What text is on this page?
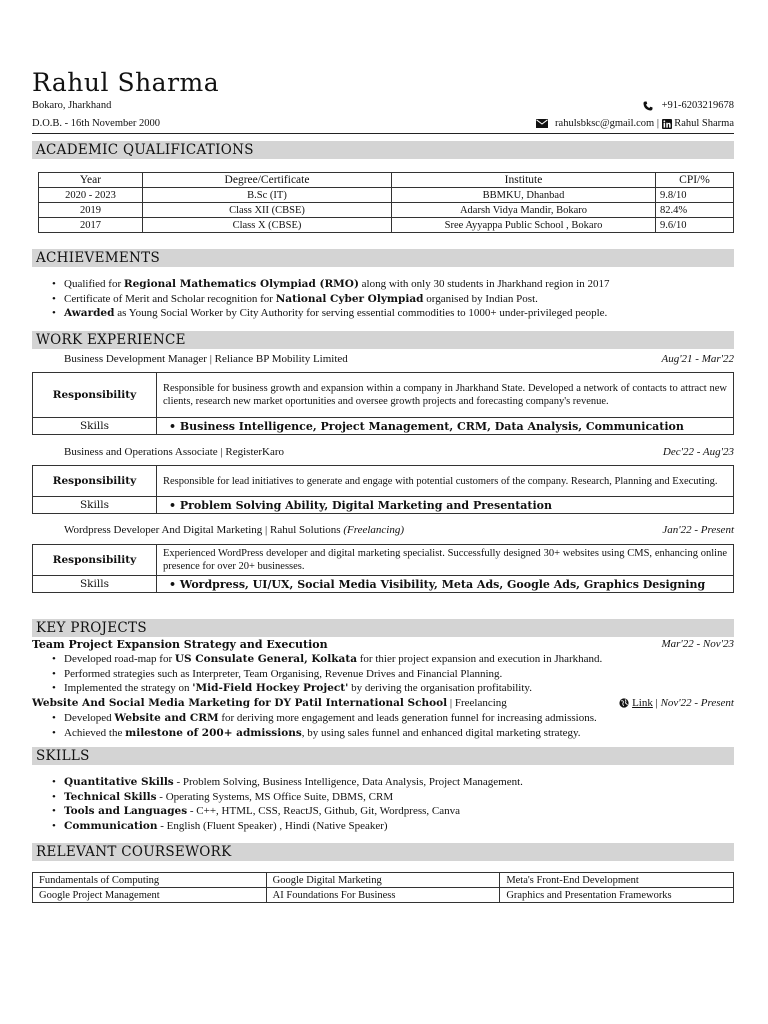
Rahul Sharma
Bokaro, Jharkhand
D.O.B. - 16th November 2000
+91-6203219678
rahulsbksc@gmail.com | Rahul Sharma
ACADEMIC QUALIFICATIONS
Year	Degree/Certificate	Institute	CPI/%
2020 - 2023	B.Sc (IT)	BBMKU, Dhanbad	9.8/10
2019	Class XII (CBSE)	Adarsh Vidya Mandir, Bokaro	82.4%
2017	Class X (CBSE)	Sree Ayyappa Public School , Bokaro	9.6/10
ACHIEVEMENTS
• Qualified for Regional Mathematics Olympiad (RMO) along with only 30 students in Jharkhand region in 2017
• Certificate of Merit and Scholar recognition for National Cyber Olympiad organised by Indian Post.
• Awarded as Young Social Worker by City Authority for serving essential commodities to 1000+ under-privileged people.
WORK EXPERIENCE
Business Development Manager | Reliance BP Mobility Limited	Aug'21 - Mar'22
Responsibility	Responsible for business growth and expansion within a company in Jharkhand State. Developed a network of contacts to attract new clients, research new market oportunities and oversee growth projects and forecasting company's revenue.
Skills	• Business Intelligence, Project Management, CRM, Data Analysis, Communication
Business and Operations Associate | RegisterKaro	Dec'22 - Aug'23
Responsibility	Responsible for lead initiatives to generate and engage with potential customers of the company. Research, Planning and Executing.
Skills	• Problem Solving Ability, Digital Marketing and Presentation
Wordpress Developer And Digital Marketing | Rahul Solutions (Freelancing)	Jan'22 - Present
Responsibility	Experienced WordPress developer and digital marketing specialist. Successfully designed 30+ websites using CMS, enhancing online presence for over 20+ businesses.
Skills	• Wordpress, UI/UX, Social Media Visibility, Meta Ads, Google Ads, Graphics Designing
KEY PROJECTS
Team Project Expansion Strategy and Execution	Mar'22 - Nov'23
• Developed road-map for US Consulate General, Kolkata for thier project expansion and execution in Jharkhand.
• Performed strategies such as Interpreter, Team Organising, Revenue Drives and Financial Planning.
• Implemented the strategy on 'Mid-Field Hockey Project' by deriving the organisation profitability.
Website And Social Media Marketing for DY Patil International School | Freelancing	Link | Nov'22 - Present
• Developed Website and CRM for deriving more engagement and leads generation funnel for increasing admissions.
• Achieved the milestone of 200+ admissions, by using sales funnel and enhanced digital marketing strategy.
SKILLS
• Quantitative Skills - Problem Solving, Business Intelligence, Data Analysis, Project Management.
• Technical Skills - Operating Systems, MS Office Suite, DBMS, CRM
• Tools and Languages - C++, HTML, CSS, ReactJS, Github, Git, Wordpress, Canva
• Communication - English (Fluent Speaker) , Hindi (Native Speaker)
RELEVANT COURSEWORK
Fundamentals of Computing	Google Digital Marketing	Meta's Front-End Development
Google Project Management	AI Foundations For Business	Graphics and Presentation Frameworks
